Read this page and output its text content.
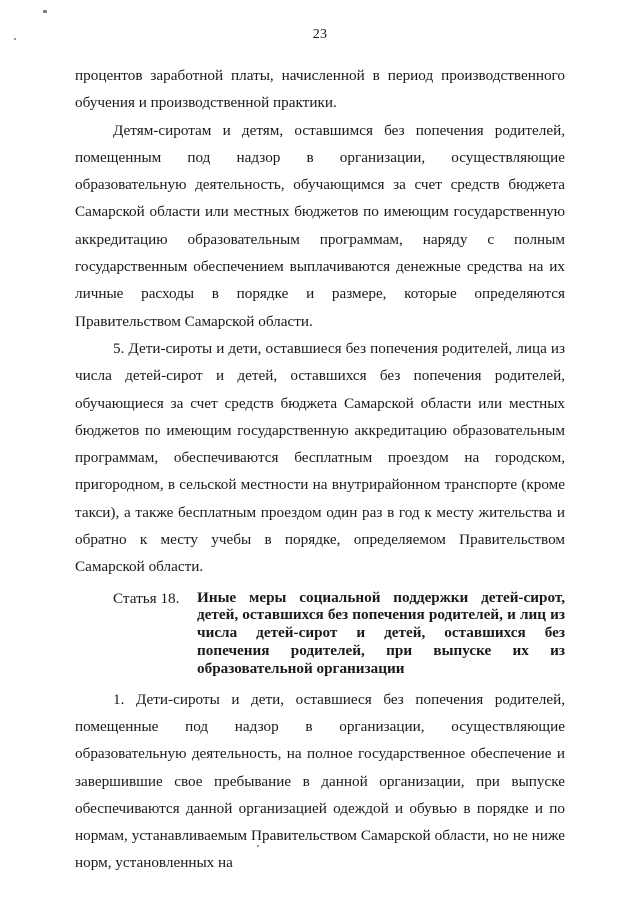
23

процентов заработной платы, начисленной в период производственного обучения и производственной практики.

Детям-сиротам и детям, оставшимся без попечения родителей, помещенным под надзор в организации, осуществляющие образовательную деятельность, обучающимся за счет средств бюджета Самарской области или местных бюджетов по имеющим государственную аккредитацию образовательным программам, наряду с полным государственным обеспечением выплачиваются денежные средства на их личные расходы в порядке и размере, которые определяются Правительством Самарской области.

5. Дети-сироты и дети, оставшиеся без попечения родителей, лица из числа детей-сирот и детей, оставшихся без попечения родителей, обучающиеся за счет средств бюджета Самарской области или местных бюджетов по имеющим государственную аккредитацию образовательным программам, обеспечиваются бесплатным проездом на городском, пригородном, в сельской местности на внутрирайонном транспорте (кроме такси), а также бесплатным проездом один раз в год к месту жительства и обратно к месту учебы в порядке, определяемом Правительством Самарской области.

Статья 18.	Иные меры социальной поддержки детей-сирот, детей, оставшихся без попечения родителей, и лиц из числа детей-сирот и детей, оставшихся без попечения родителей, при выпуске их из образовательной организации

1. Дети-сироты и дети, оставшиеся без попечения родителей, помещенные под надзор в организации, осуществляющие образовательную деятельность, на полное государственное обеспечение и завершившие свое пребывание в данной организации, при выпуске обеспечиваются данной организацией одеждой и обувью в порядке и по нормам, устанавливаемым Правительством Самарской области, но не ниже норм, установленных на
